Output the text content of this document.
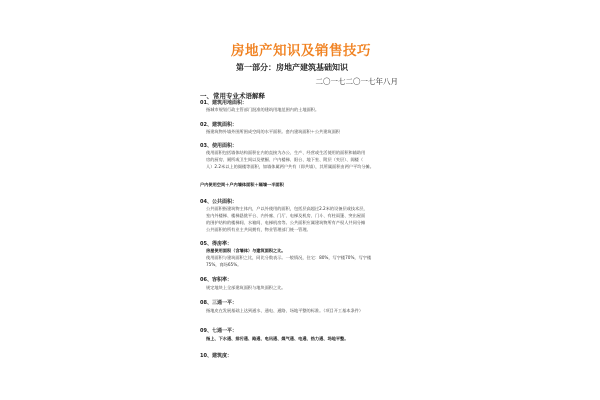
房地产知识及销售技巧
第一部分：房地产建筑基础知识
二〇一七二〇一七年八月
一、常用专业术语解释
01、建筑用地面积：
指城市规划行政主管部门批准的建筑用地范围内的土地面积。
02、建筑面积：
指建筑物外墙外围所围成空间的水平面积。套内建筑面积＋公共建筑面积
03、使用面积：
使用面积包括墙体结构面积在内的直接为办公、生产、经营或生活使用的面积和辅助用
房的厨房、厕所或卫生间以及壁橱、户内楼梯、阳台、地下室、附层（夹层）、阁楼（
人）2.2米以上的阁楼等面积，如墙体属两户共有（即共墙），其所属面积由两户平均分摊。
户内使用空间＋户内墙体面积＋隔墙一半面积
04、公共面积：
公共面积指建筑物主体内，户以外使用的面积，包括层高超过2.2米的设备层或技术层，
室内外楼梯、楼梯悬挑平台、内外廊、门厅、电梯及机房、门斗、有柱雨篷、突出屋面
的围护结构的楼梯间、水箱间、电梯机房等。公共面积应属建筑物所有产权人共同分摊
公共面积的所有业主共同拥有，物业管理部门统一管理。
05、得房率：
房屋使用面积（含墙体）与建筑面积之比。
使用面积与建筑面积之比，同比分数表示。一般情况，住宅：80%，写字楼70%，写字楼
75%，商场65%。
06、容积率：
规定地块上全部建筑面积与地块面积之比。
08、三通一平：
指地皮在发展基础上达到通水、通电、通路、场地平整的标准。（项目开工基本条件）
09、七通一平：
指上、下水通、排污通、路通、电讯通、煤气通、电通、热力通、场地平整。
10、建筑度：
